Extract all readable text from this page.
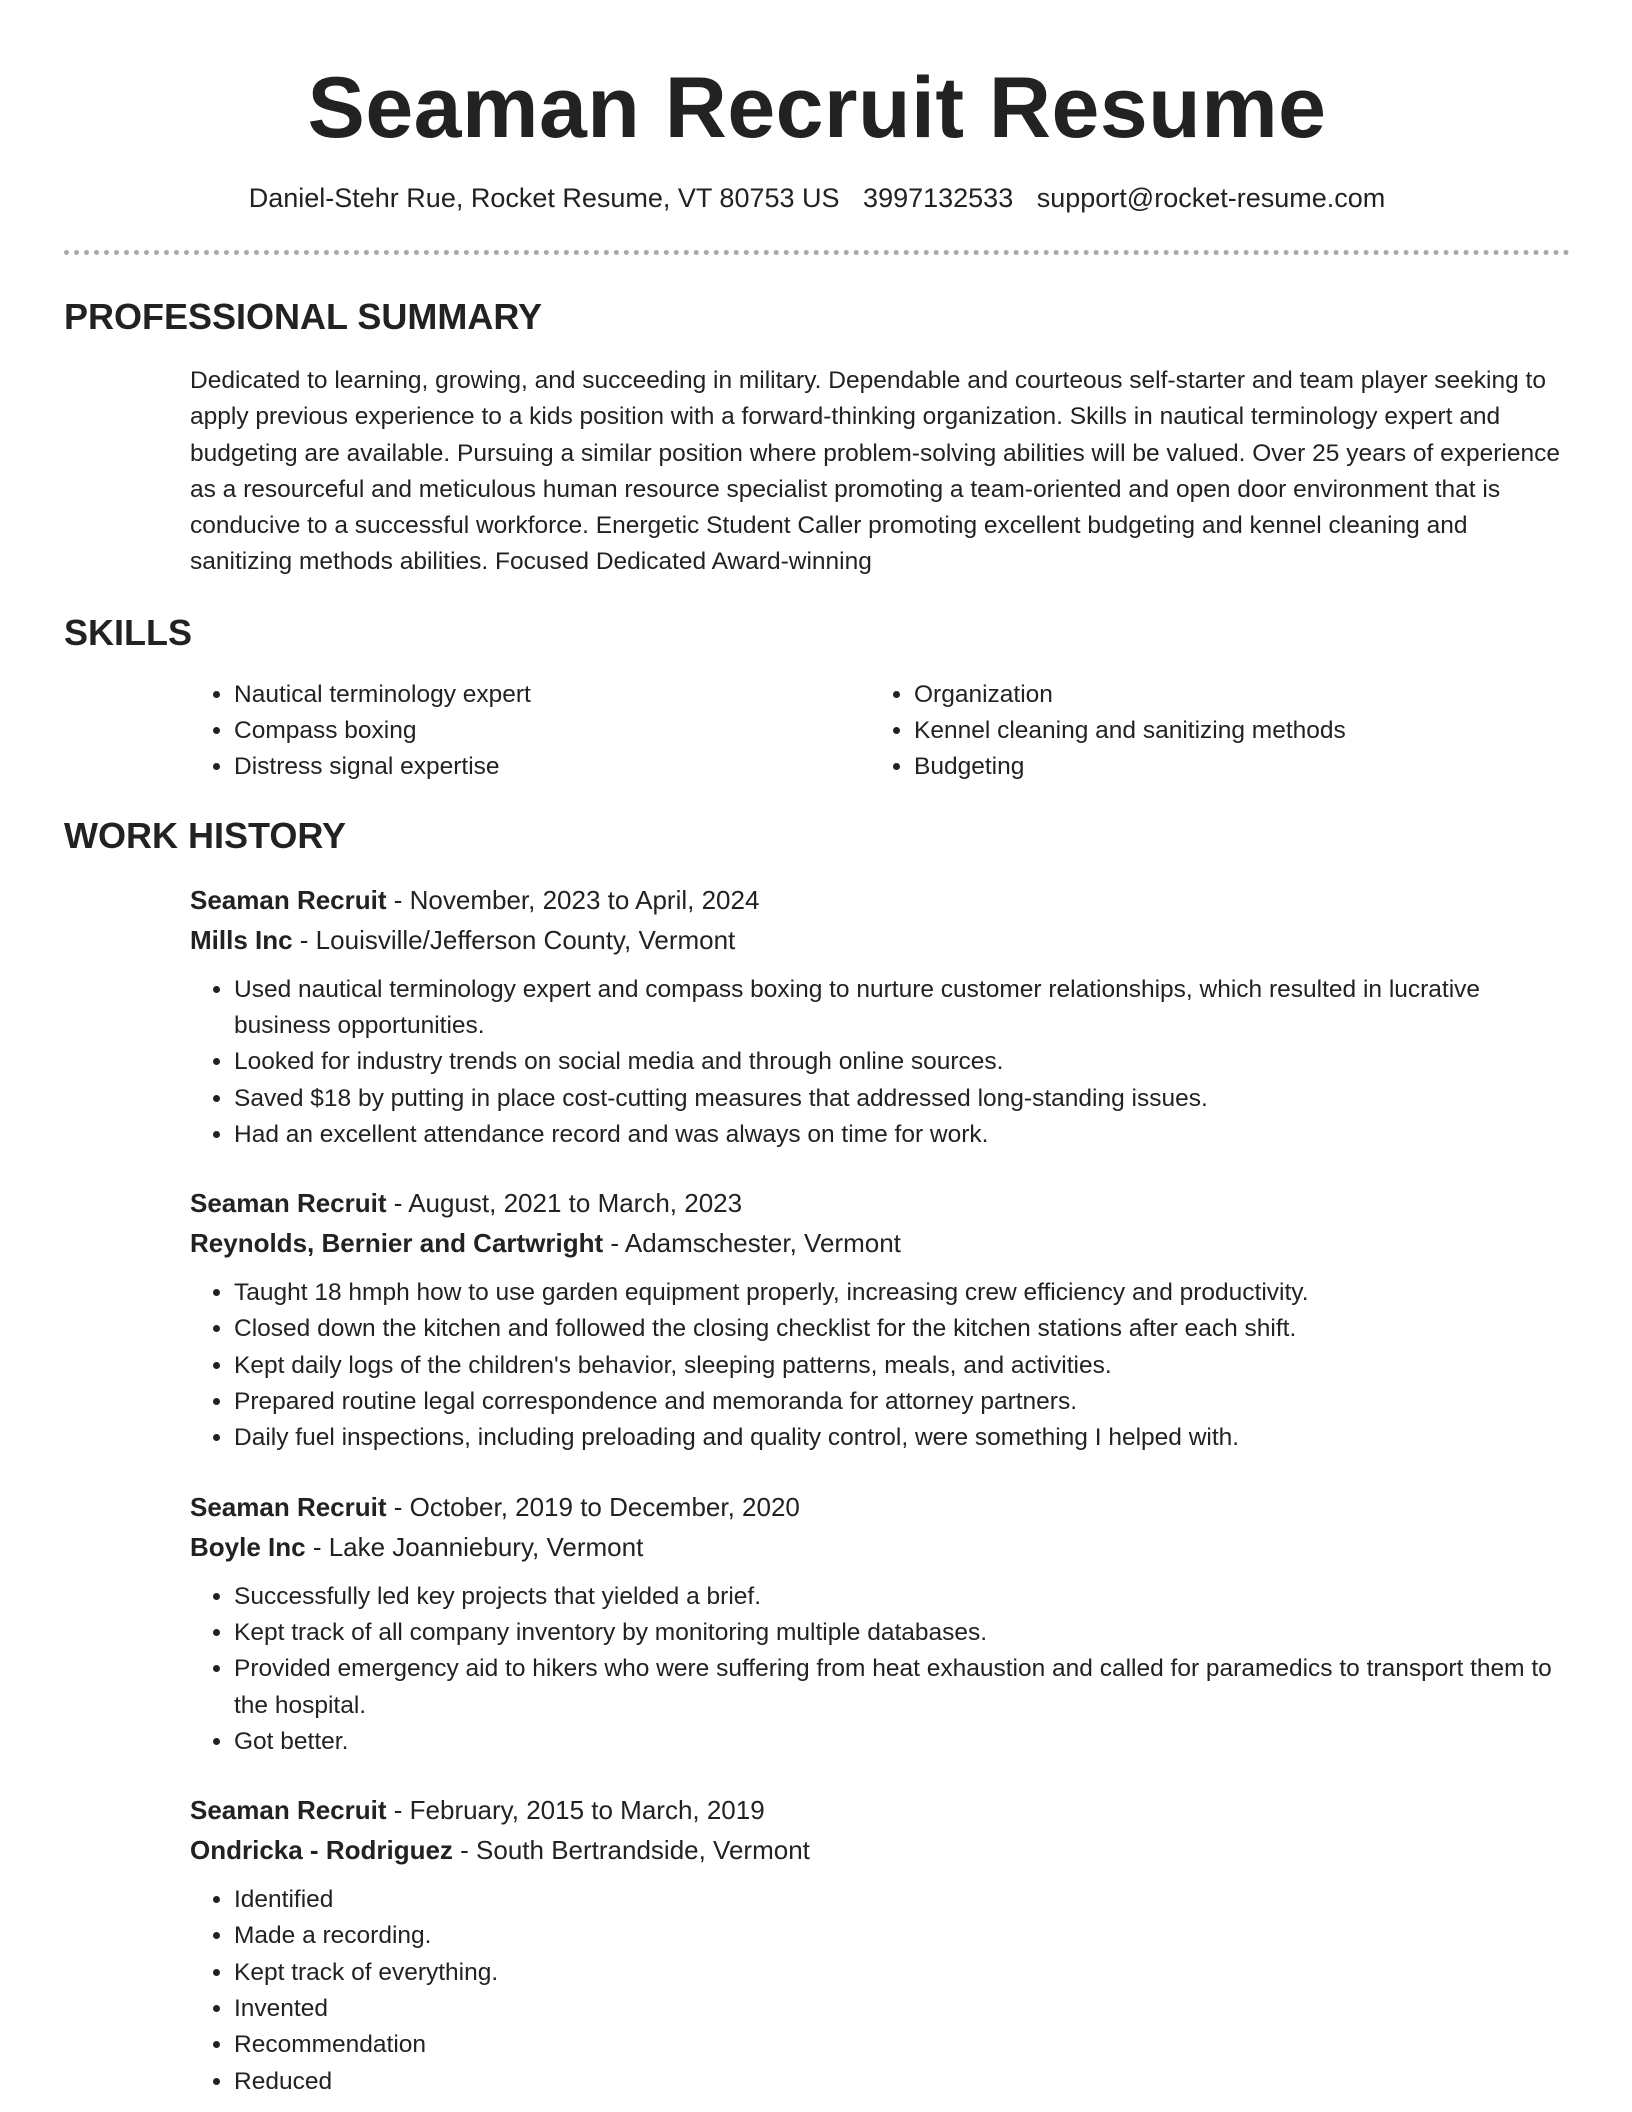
Seaman Recruit Resume
Daniel-Stehr Rue, Rocket Resume, VT 80753 US 3997132533 support@rocket-resume.com
PROFESSIONAL SUMMARY

Dedicated to learning, growing, and succeeding in military. Dependable and courteous self-starter and team player seeking to apply previous experience to a kids position with a forward-thinking organization. Skills in nautical terminology expert and budgeting are available. Pursuing a similar position where problem-solving abilities will be valued. Over 25 years of experience as a resourceful and meticulous human resource specialist promoting a team-oriented and open door environment that is conducive to a successful workforce. Energetic Student Caller promoting excellent budgeting and kennel cleaning and sanitizing methods abilities. Focused Dedicated Award-winning

SKILLS
• Nautical terminology expert
• Compass boxing
• Distress signal expertise
• Organization
• Kennel cleaning and sanitizing methods
• Budgeting
WORK HISTORY
Seaman Recruit - November, 2023 to April, 2024
Mills Inc - Louisville/Jefferson County, Vermont
• Used nautical terminology expert and compass boxing to nurture customer relationships, which resulted in lucrative business opportunities.
• Looked for industry trends on social media and through online sources.
• Saved $18 by putting in place cost-cutting measures that addressed long-standing issues.
• Had an excellent attendance record and was always on time for work.
Seaman Recruit - August, 2021 to March, 2023
Reynolds, Bernier and Cartwright - Adamschester, Vermont
• Taught 18 hmph how to use garden equipment properly, increasing crew efficiency and productivity.
• Closed down the kitchen and followed the closing checklist for the kitchen stations after each shift.
• Kept daily logs of the children's behavior, sleeping patterns, meals, and activities.
• Prepared routine legal correspondence and memoranda for attorney partners.
• Daily fuel inspections, including preloading and quality control, were something I helped with.
Seaman Recruit - October, 2019 to December, 2020
Boyle Inc - Lake Joanniebury, Vermont
• Successfully led key projects that yielded a brief.
• Kept track of all company inventory by monitoring multiple databases.
• Provided emergency aid to hikers who were suffering from heat exhaustion and called for paramedics to transport them to the hospital.
• Got better.
Seaman Recruit - February, 2015 to March, 2019
Ondricka - Rodriguez - South Bertrandside, Vermont
• Identified
• Made a recording.
• Kept track of everything.
• Invented
• Recommendation
• Reduced
